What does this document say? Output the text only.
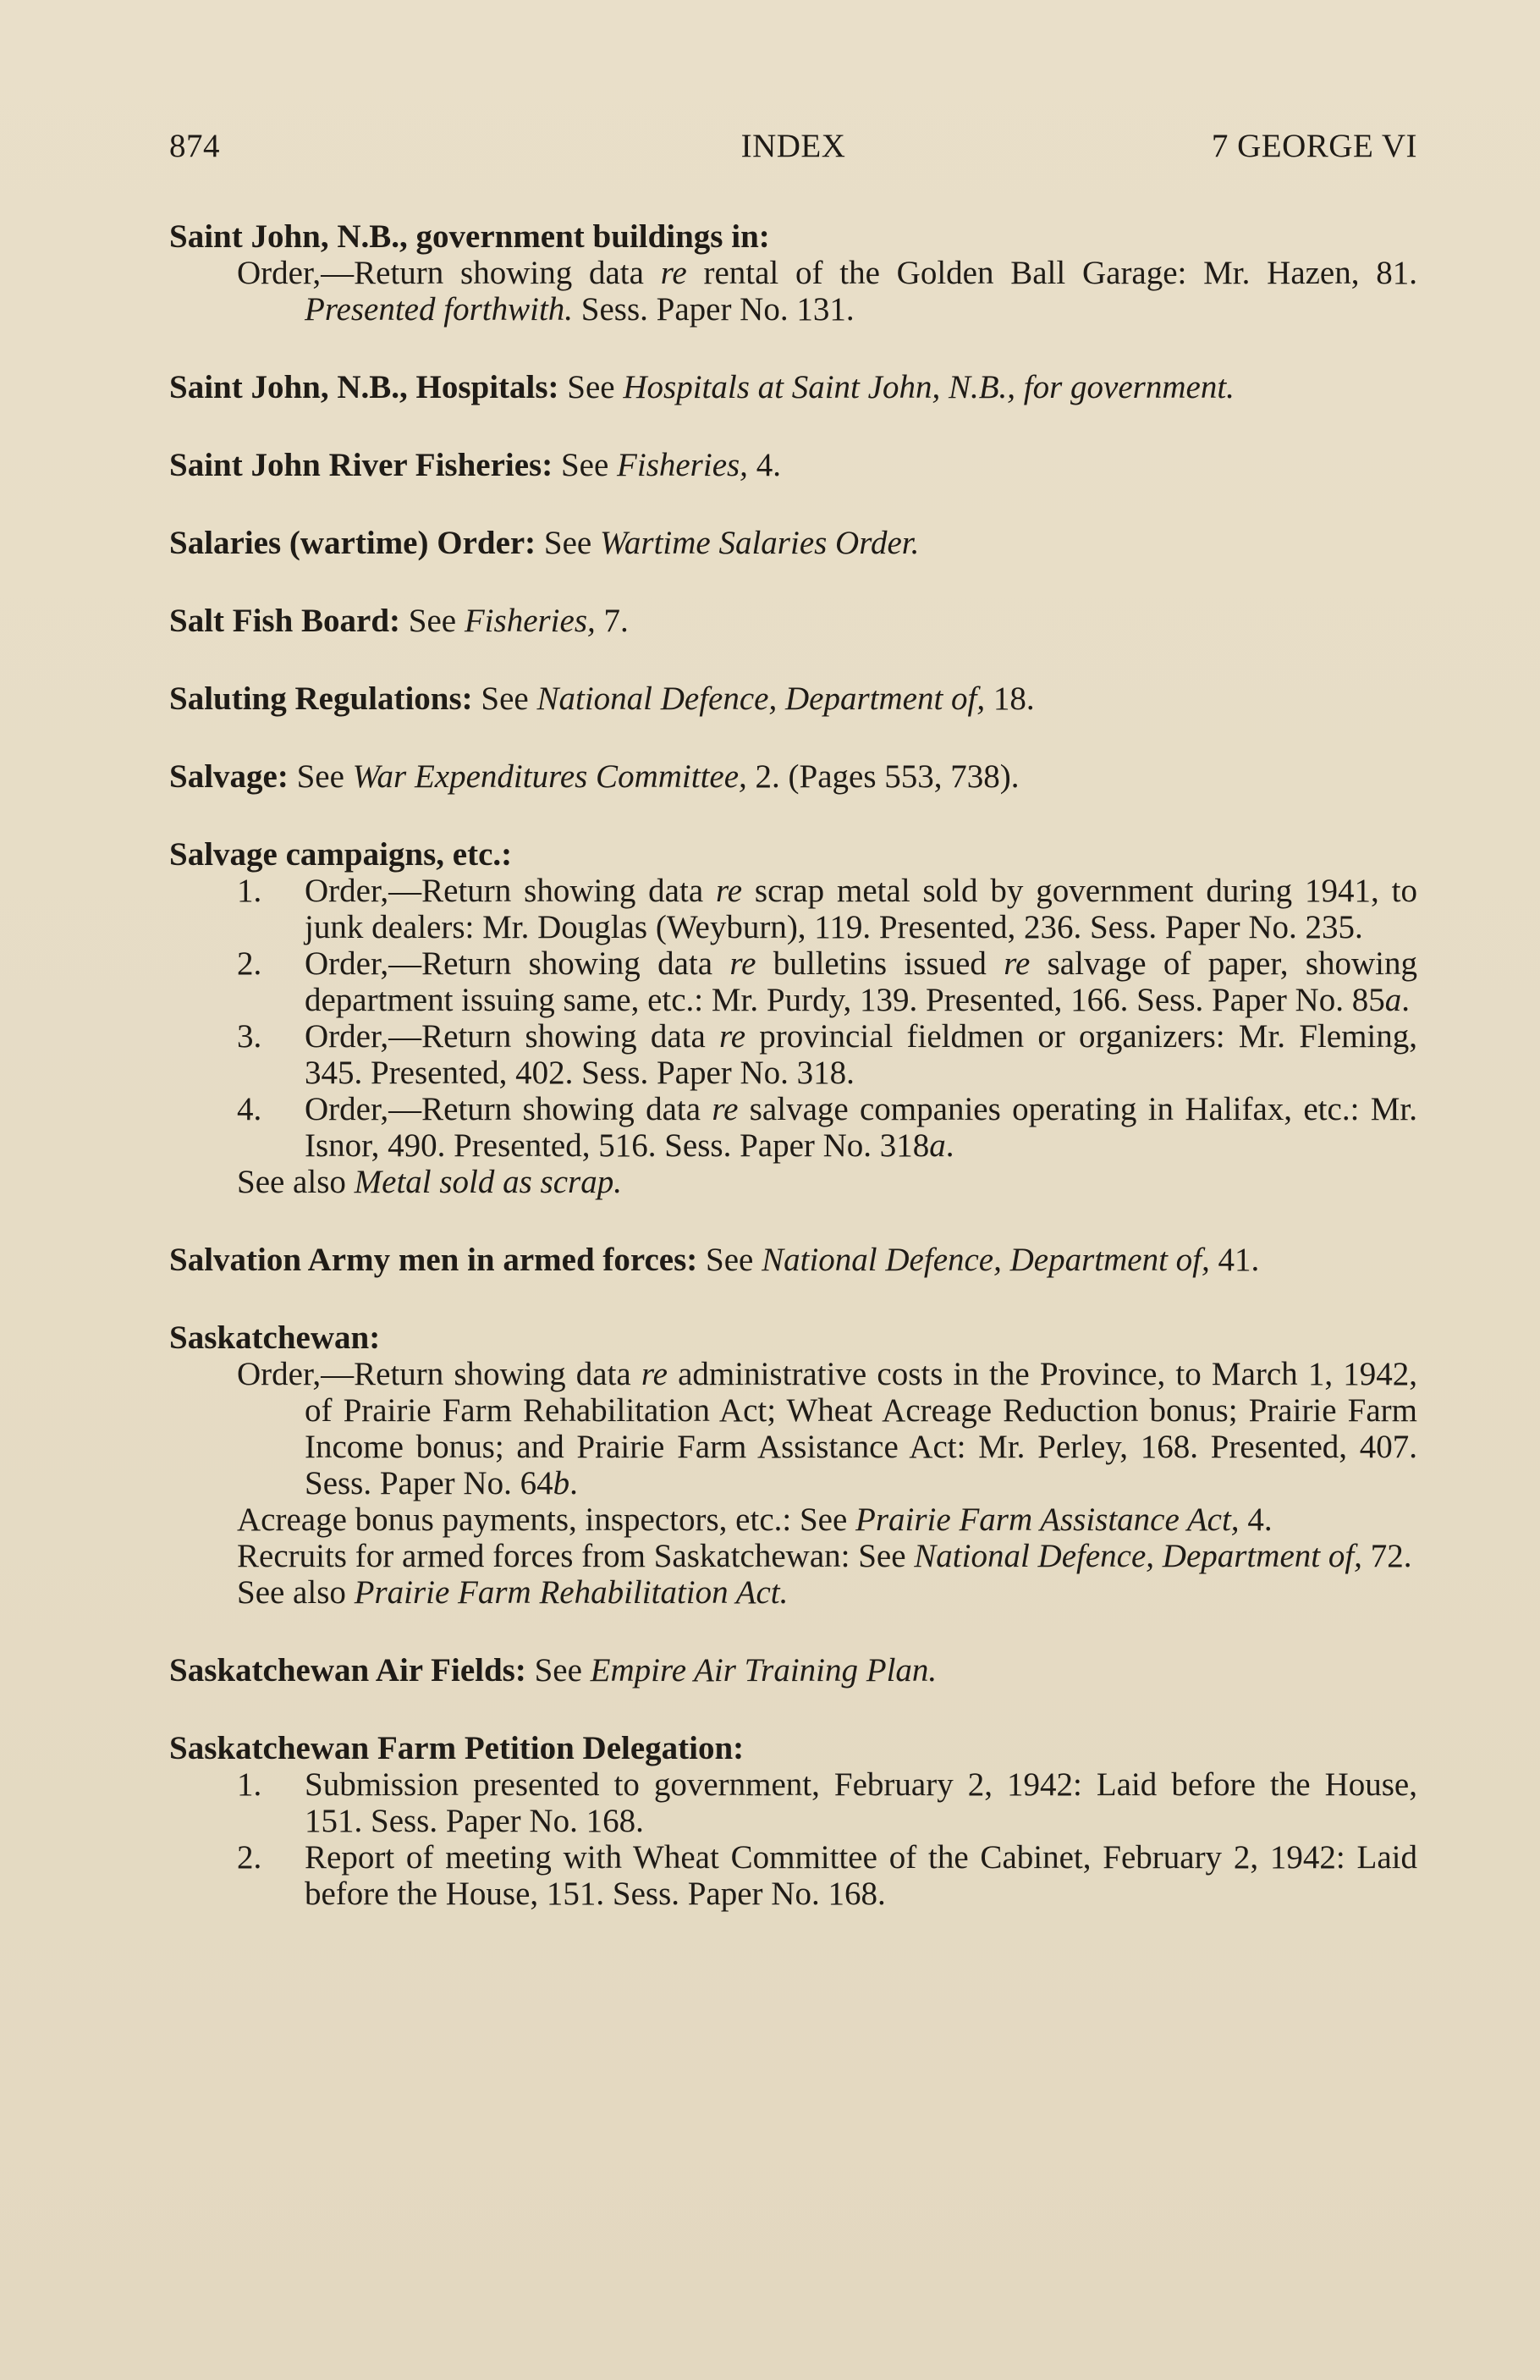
874	INDEX	7 GEORGE VI
Saint John, N.B., government buildings in:
Order,—Return showing data re rental of the Golden Ball Garage: Mr. Hazen, 81. Presented forthwith. Sess. Paper No. 131.
Saint John, N.B., Hospitals: See Hospitals at Saint John, N.B., for government.
Saint John River Fisheries: See Fisheries, 4.
Salaries (wartime) Order: See Wartime Salaries Order.
Salt Fish Board: See Fisheries, 7.
Saluting Regulations: See National Defence, Department of, 18.
Salvage: See War Expenditures Committee, 2. (Pages 553, 738).
Salvage campaigns, etc.:
1. Order,—Return showing data re scrap metal sold by government during 1941, to junk dealers: Mr. Douglas (Weyburn), 119. Presented, 236. Sess. Paper No. 235.
2. Order,—Return showing data re bulletins issued re salvage of paper, showing department issuing same, etc.: Mr. Purdy, 139. Presented, 166. Sess. Paper No. 85a.
3. Order,—Return showing data re provincial fieldmen or organizers: Mr. Fleming, 345. Presented, 402. Sess. Paper No. 318.
4. Order,—Return showing data re salvage companies operating in Halifax, etc.: Mr. Isnor, 490. Presented, 516. Sess. Paper No. 318a.
See also Metal sold as scrap.
Salvation Army men in armed forces: See National Defence, Department of, 41.
Saskatchewan:
Order,—Return showing data re administrative costs in the Province, to March 1, 1942, of Prairie Farm Rehabilitation Act; Wheat Acreage Reduction bonus; Prairie Farm Income bonus; and Prairie Farm Assistance Act: Mr. Perley, 168. Presented, 407. Sess. Paper No. 64b.
Acreage bonus payments, inspectors, etc.: See Prairie Farm Assistance Act, 4.
Recruits for armed forces from Saskatchewan: See National Defence, Department of, 72.
See also Prairie Farm Rehabilitation Act.
Saskatchewan Air Fields: See Empire Air Training Plan.
Saskatchewan Farm Petition Delegation:
1. Submission presented to government, February 2, 1942: Laid before the House, 151. Sess. Paper No. 168.
2. Report of meeting with Wheat Committee of the Cabinet, February 2, 1942: Laid before the House, 151. Sess. Paper No. 168.
